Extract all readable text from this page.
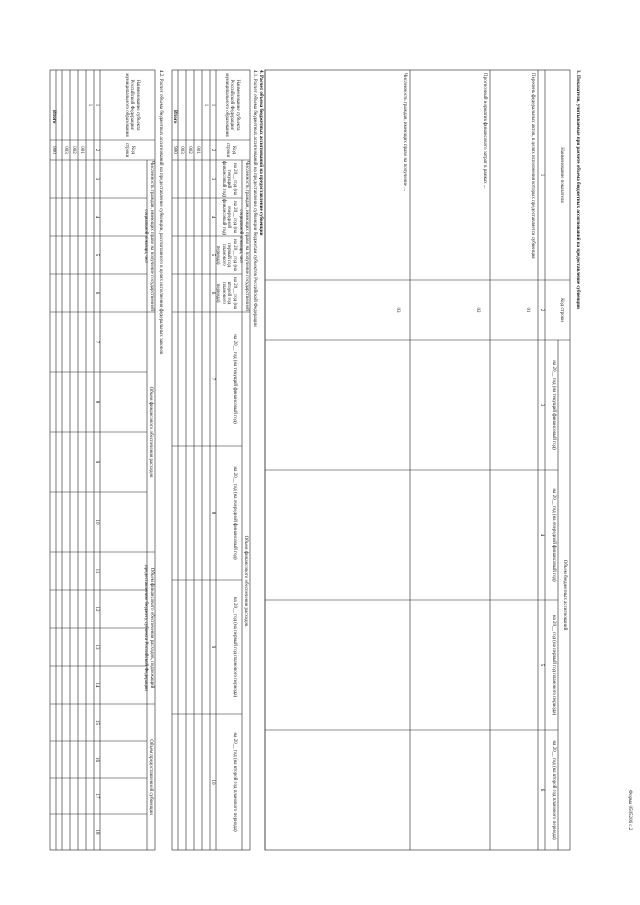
Форма 0505206 с.2
3. Показатели, учитываемые при расчете объема бюджетных ассигнований на предоставление субвенции
Наименование показателя
Код строки
Объем бюджетных ассигнований
на 20__ год (на текущий финансовый год)
на 20__ год (на очередной финансовый год)
на 20__ год (на первый год планового периода)
на 20__ год (на второй год планового периода)
1
2
3
4
5
6
Перечень федеральных актов, в целях исполнения которых предоставляется субвенция
01
Прогнозный норматив финансового затрат в рамках ...
02
Численность граждан, имеющих право на получение ...
03
4. Расчет объема бюджетных ассигнований на предоставление субвенции
4.1. Расчет объема бюджетных ассигнований на предоставление субвенции бюджетам субъектов Российской Федерации
Наименование субъекта Российской Федерации/муниципального образования
Код строки
Численность граждан, имеющих право на получение государственной социальной помощи, чел
Объем финансового обеспечения расходов
на 20__ год (на текущий финансовый год)
на 20__ год (на очередной финансовый год)
на 20__ год (на первый год планового периода)
на 20__ год (на второй год планового периода)
на 20__ год (на текущий финансовый год)
на 20__ год (на очередной финансовый год)
на 20__ год (на первый год планового периода)
на 20__ год (на второй год планового периода)
1
2
3
4
5
6
7
8
9
10
1
001
002
003
Итого
900
4.2. Расчет объема бюджетных ассигнований на предоставление субвенции, рассчитанного в целях исполнения федеральных законов
Наименование субъекта Российской Федерации/муниципального образования
Код строки
Численность граждан, имеющих право на получение государственной социальной помощи, чел
Объем финансового обеспечения расходов
Объем финансового обеспечения расходов, подлежащий предоставлению бюджету субъекта Российской Федерации
Объем предоставленной субвенции
1
2
3
4
5
6
7
8
9
10
11
12
13
14
15
16
17
18
1
001
002
003
Итого
900
